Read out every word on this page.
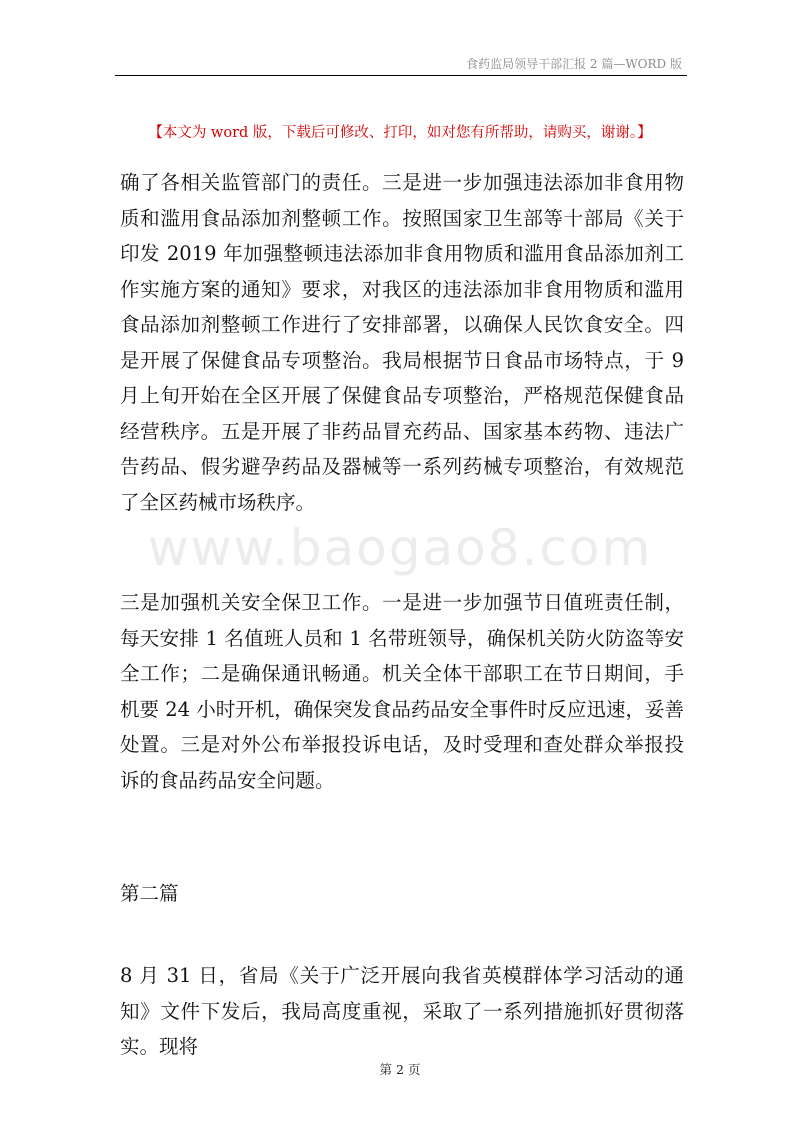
食药监局领导干部汇报 2 篇—WORD 版
【本文为 word 版，下载后可修改、打印，如对您有所帮助，请购买，谢谢。】
www.baogao8.com

确了各相关监管部门的责任。三是进一步加强违法添加非食用物质和滥用食品添加剂整顿工作。按照国家卫生部等十部局《关于印发 2019 年加强整顿违法添加非食用物质和滥用食品添加剂工作实施方案的通知》要求，对我区的违法添加非食用物质和滥用食品添加剂整顿工作进行了安排部署，以确保人民饮食安全。四是开展了保健食品专项整治。我局根据节日食品市场特点，于 9 月上旬开始在全区开展了保健食品专项整治，严格规范保健食品经营秩序。五是开展了非药品冒充药品、国家基本药物、违法广告药品、假劣避孕药品及器械等一系列药械专项整治，有效规范了全区药械市场秩序。

三是加强机关安全保卫工作。一是进一步加强节日值班责任制，每天安排 1 名值班人员和 1 名带班领导，确保机关防火防盗等安全工作；二是确保通讯畅通。机关全体干部职工在节日期间，手机要 24 小时开机，确保突发食品药品安全事件时反应迅速，妥善处置。三是对外公布举报投诉电话，及时受理和查处群众举报投诉的食品药品安全问题。

第二篇

8 月 31 日，省局《关于广泛开展向我省英模群体学习活动的通知》文件下发后，我局高度重视，采取了一系列措施抓好贯彻落实。现将

第 2 页
